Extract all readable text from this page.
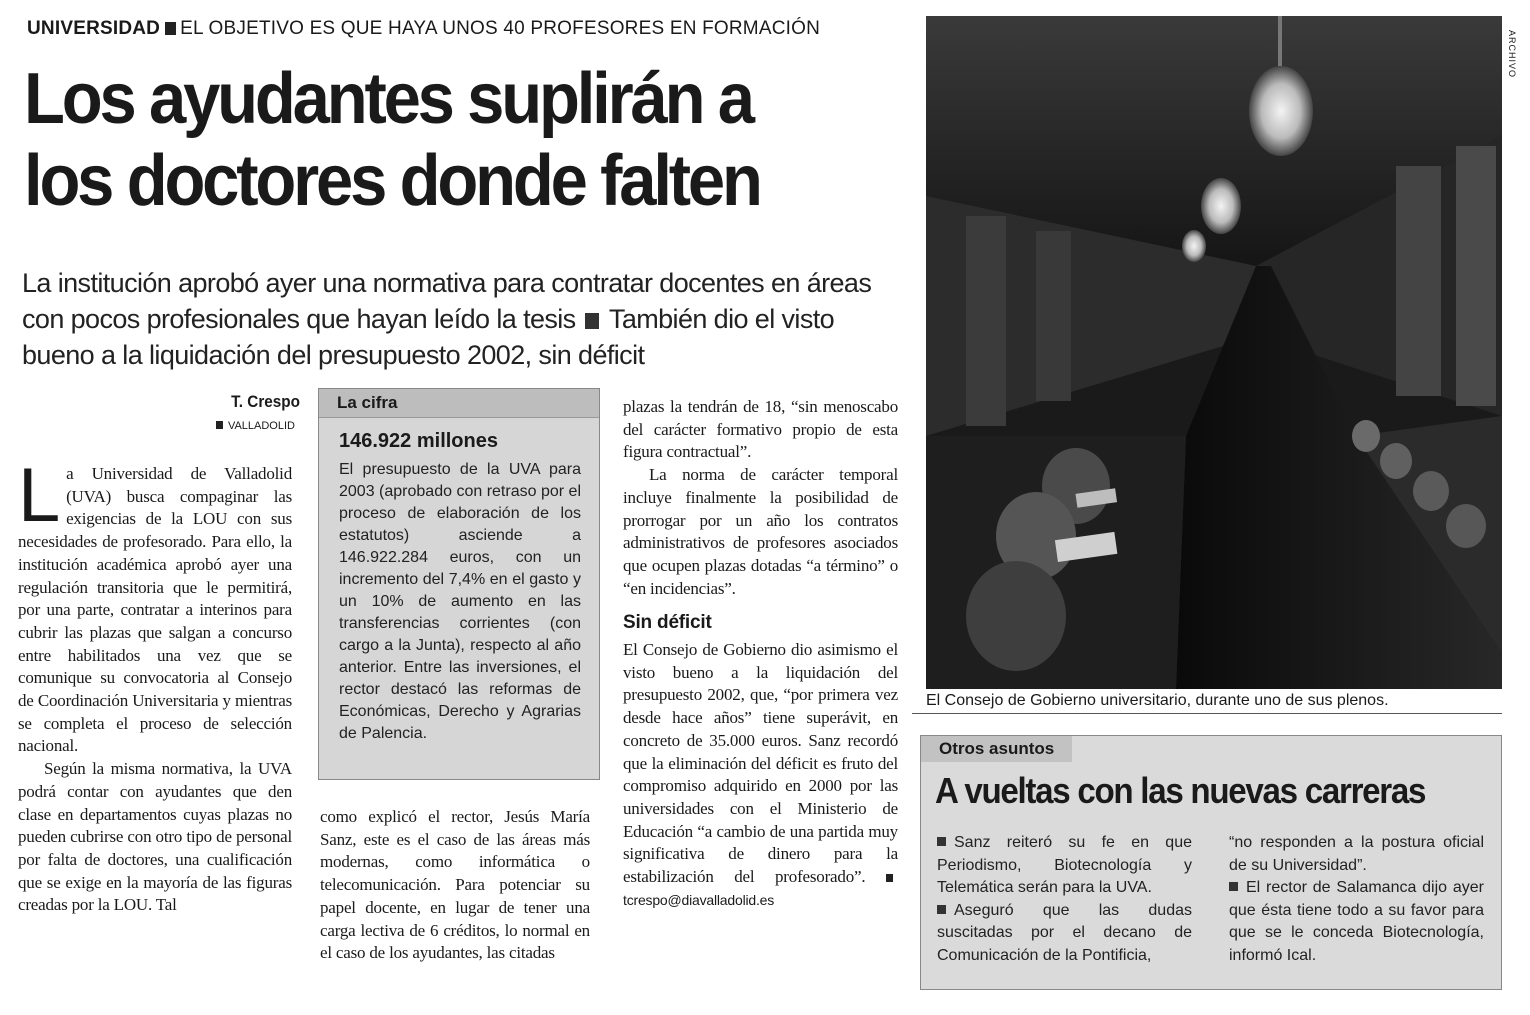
UNIVERSIDAD EL OBJETIVO ES QUE HAYA UNOS 40 PROFESORES EN FORMACIÓN
Los ayudantes suplirán a
los doctores donde falten
La institución aprobó ayer una normativa para contratar docentes en áreas con pocos profesionales que hayan leído la tesis También dio el visto bueno a la liquidación del presupuesto 2002, sin déficit
T. Crespo
VALLADOLID

La Universidad de Valladolid (UVA) busca compaginar las exigencias de la LOU con sus necesidades de profesorado. Para ello, la institución académica aprobó ayer una regulación transitoria que le permitirá, por una parte, contratar a interinos para cubrir las plazas que salgan a concurso entre habilitados una vez que se comunique su convocatoria al Consejo de Coordinación Universitaria y mientras se completa el proceso de selección nacional.

Según la misma normativa, la UVA podrá contar con ayudantes que den clase en departamentos cuyas plazas no pueden cubrirse con otro tipo de personal por falta de doctores, una cualificación que se exige en la mayoría de las figuras creadas por la LOU. Tal

La cifra
146.922 millones
El presupuesto de la UVA para 2003 (aprobado con retraso por el proceso de elaboración de los estatutos) asciende a 146.922.284 euros, con un incremento del 7,4% en el gasto y un 10% de aumento en las transferencias corrientes (con cargo a la Junta), respecto al año anterior. Entre las inversiones, el rector destacó las reformas de Económicas, Derecho y Agrarias de Palencia.

como explicó el rector, Jesús María Sanz, este es el caso de las áreas más modernas, como informática o telecomunicación. Para potenciar su papel docente, en lugar de tener una carga lectiva de 6 créditos, lo normal en el caso de los ayudantes, las citadas

plazas la tendrán de 18, “sin menoscabo del carácter formativo propio de esta figura contractual”.

La norma de carácter temporal incluye finalmente la posibilidad de prorrogar por un año los contratos administrativos de profesores asociados que ocupen plazas dotadas “a término” o “en incidencias”.

Sin déficit

El Consejo de Gobierno dio asimismo el visto bueno a la liquidación del presupuesto 2002, que, “por primera vez desde hace años” tiene superávit, en concreto de 35.000 euros. Sanz recordó que la eliminación del déficit es fruto del compromiso adquirido en 2000 por las universidades con el Ministerio de Educación “a cambio de una partida muy significativa de dinero para la estabilización del profesorado”. tcrespo@diavalladolid.es

ARCHIVO
El Consejo de Gobierno universitario, durante uno de sus plenos.
Otros asuntos
A vueltas con las nuevas carreras

Sanz reiteró su fe en que Periodismo, Biotecnología y Telemática serán para la UVA.

Aseguró que las dudas suscitadas por el decano de Comunicación de la Pontificia,

“no responden a la postura oficial de su Universidad”.

El rector de Salamanca dijo ayer que ésta tiene todo a su favor para que se le conceda Biotecnología, informó Ical.
